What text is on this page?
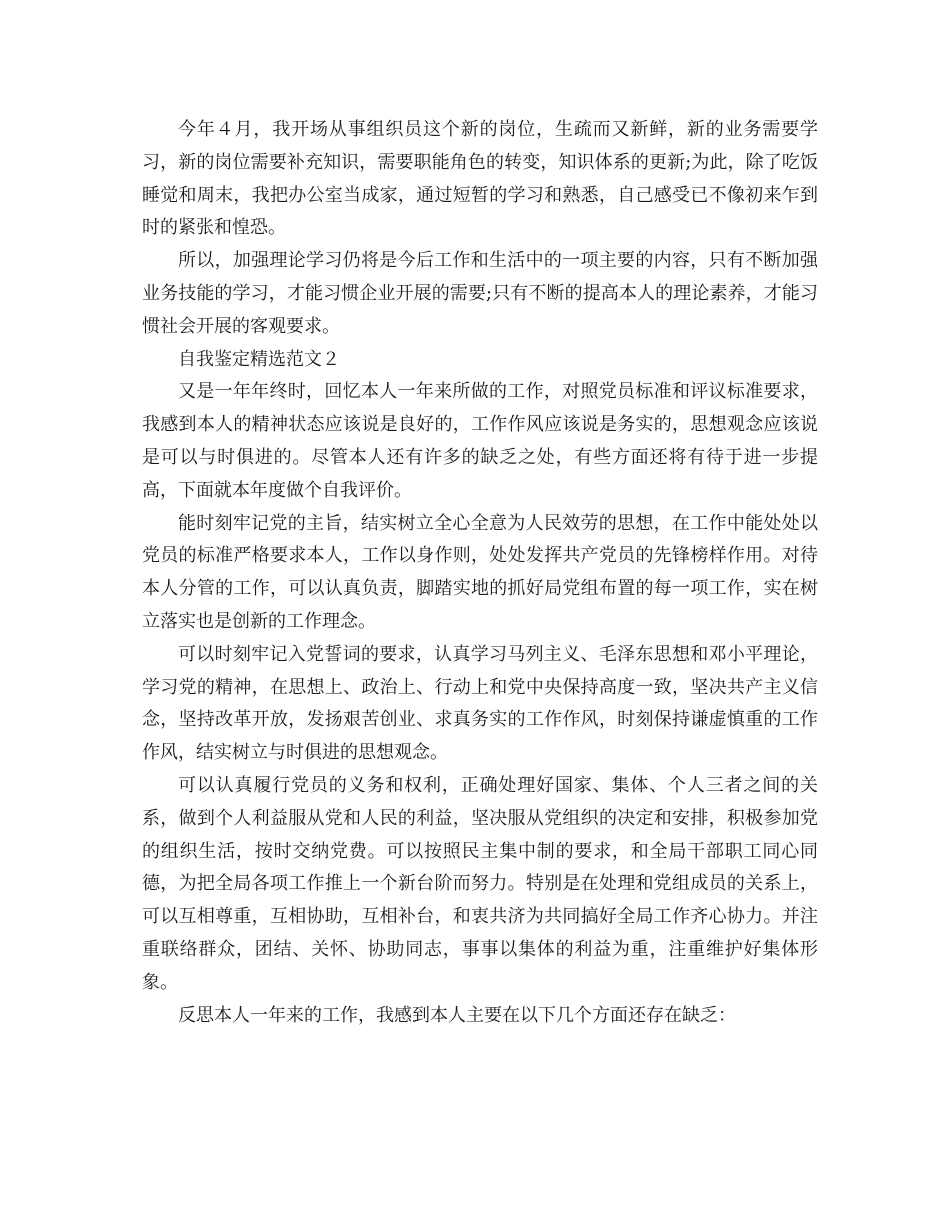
今年４月，我开场从事组织员这个新的岗位，生疏而又新鲜，新的业务需要学习，新的岗位需要补充知识，需要职能角色的转变，知识体系的更新;为此，除了吃饭睡觉和周末，我把办公室当成家，通过短暂的学习和熟悉，自己感受已不像初来乍到时的紧张和惶恐。

所以，加强理论学习仍将是今后工作和生活中的一项主要的内容，只有不断加强业务技能的学习，才能习惯企业开展的需要;只有不断的提高本人的理论素养，才能习惯社会开展的客观要求。

自我鉴定精选范文２

又是一年年终时，回忆本人一年来所做的工作，对照党员标准和评议标准要求，我感到本人的精神状态应该说是良好的，工作作风应该说是务实的，思想观念应该说是可以与时俱进的。尽管本人还有许多的缺乏之处，有些方面还将有待于进一步提高，下面就本年度做个自我评价。

能时刻牢记党的主旨，结实树立全心全意为人民效劳的思想，在工作中能处处以党员的标准严格要求本人，工作以身作则，处处发挥共产党员的先锋榜样作用。对待本人分管的工作，可以认真负责，脚踏实地的抓好局党组布置的每一项工作，实在树立落实也是创新的工作理念。

可以时刻牢记入党誓词的要求，认真学习马列主义、毛泽东思想和邓小平理论，学习党的精神，在思想上、政治上、行动上和党中央保持高度一致，坚决共产主义信念，坚持改革开放，发扬艰苦创业、求真务实的工作作风，时刻保持谦虚慎重的工作作风，结实树立与时俱进的思想观念。

可以认真履行党员的义务和权利，正确处理好国家、集体、个人三者之间的关系，做到个人利益服从党和人民的利益，坚决服从党组织的决定和安排，积极参加党的组织生活，按时交纳党费。可以按照民主集中制的要求，和全局干部职工同心同德，为把全局各项工作推上一个新台阶而努力。特别是在处理和党组成员的关系上，可以互相尊重，互相协助，互相补台，和衷共济为共同搞好全局工作齐心协力。并注重联络群众，团结、关怀、协助同志，事事以集体的利益为重，注重维护好集体形象。

反思本人一年来的工作，我感到本人主要在以下几个方面还存在缺乏：
